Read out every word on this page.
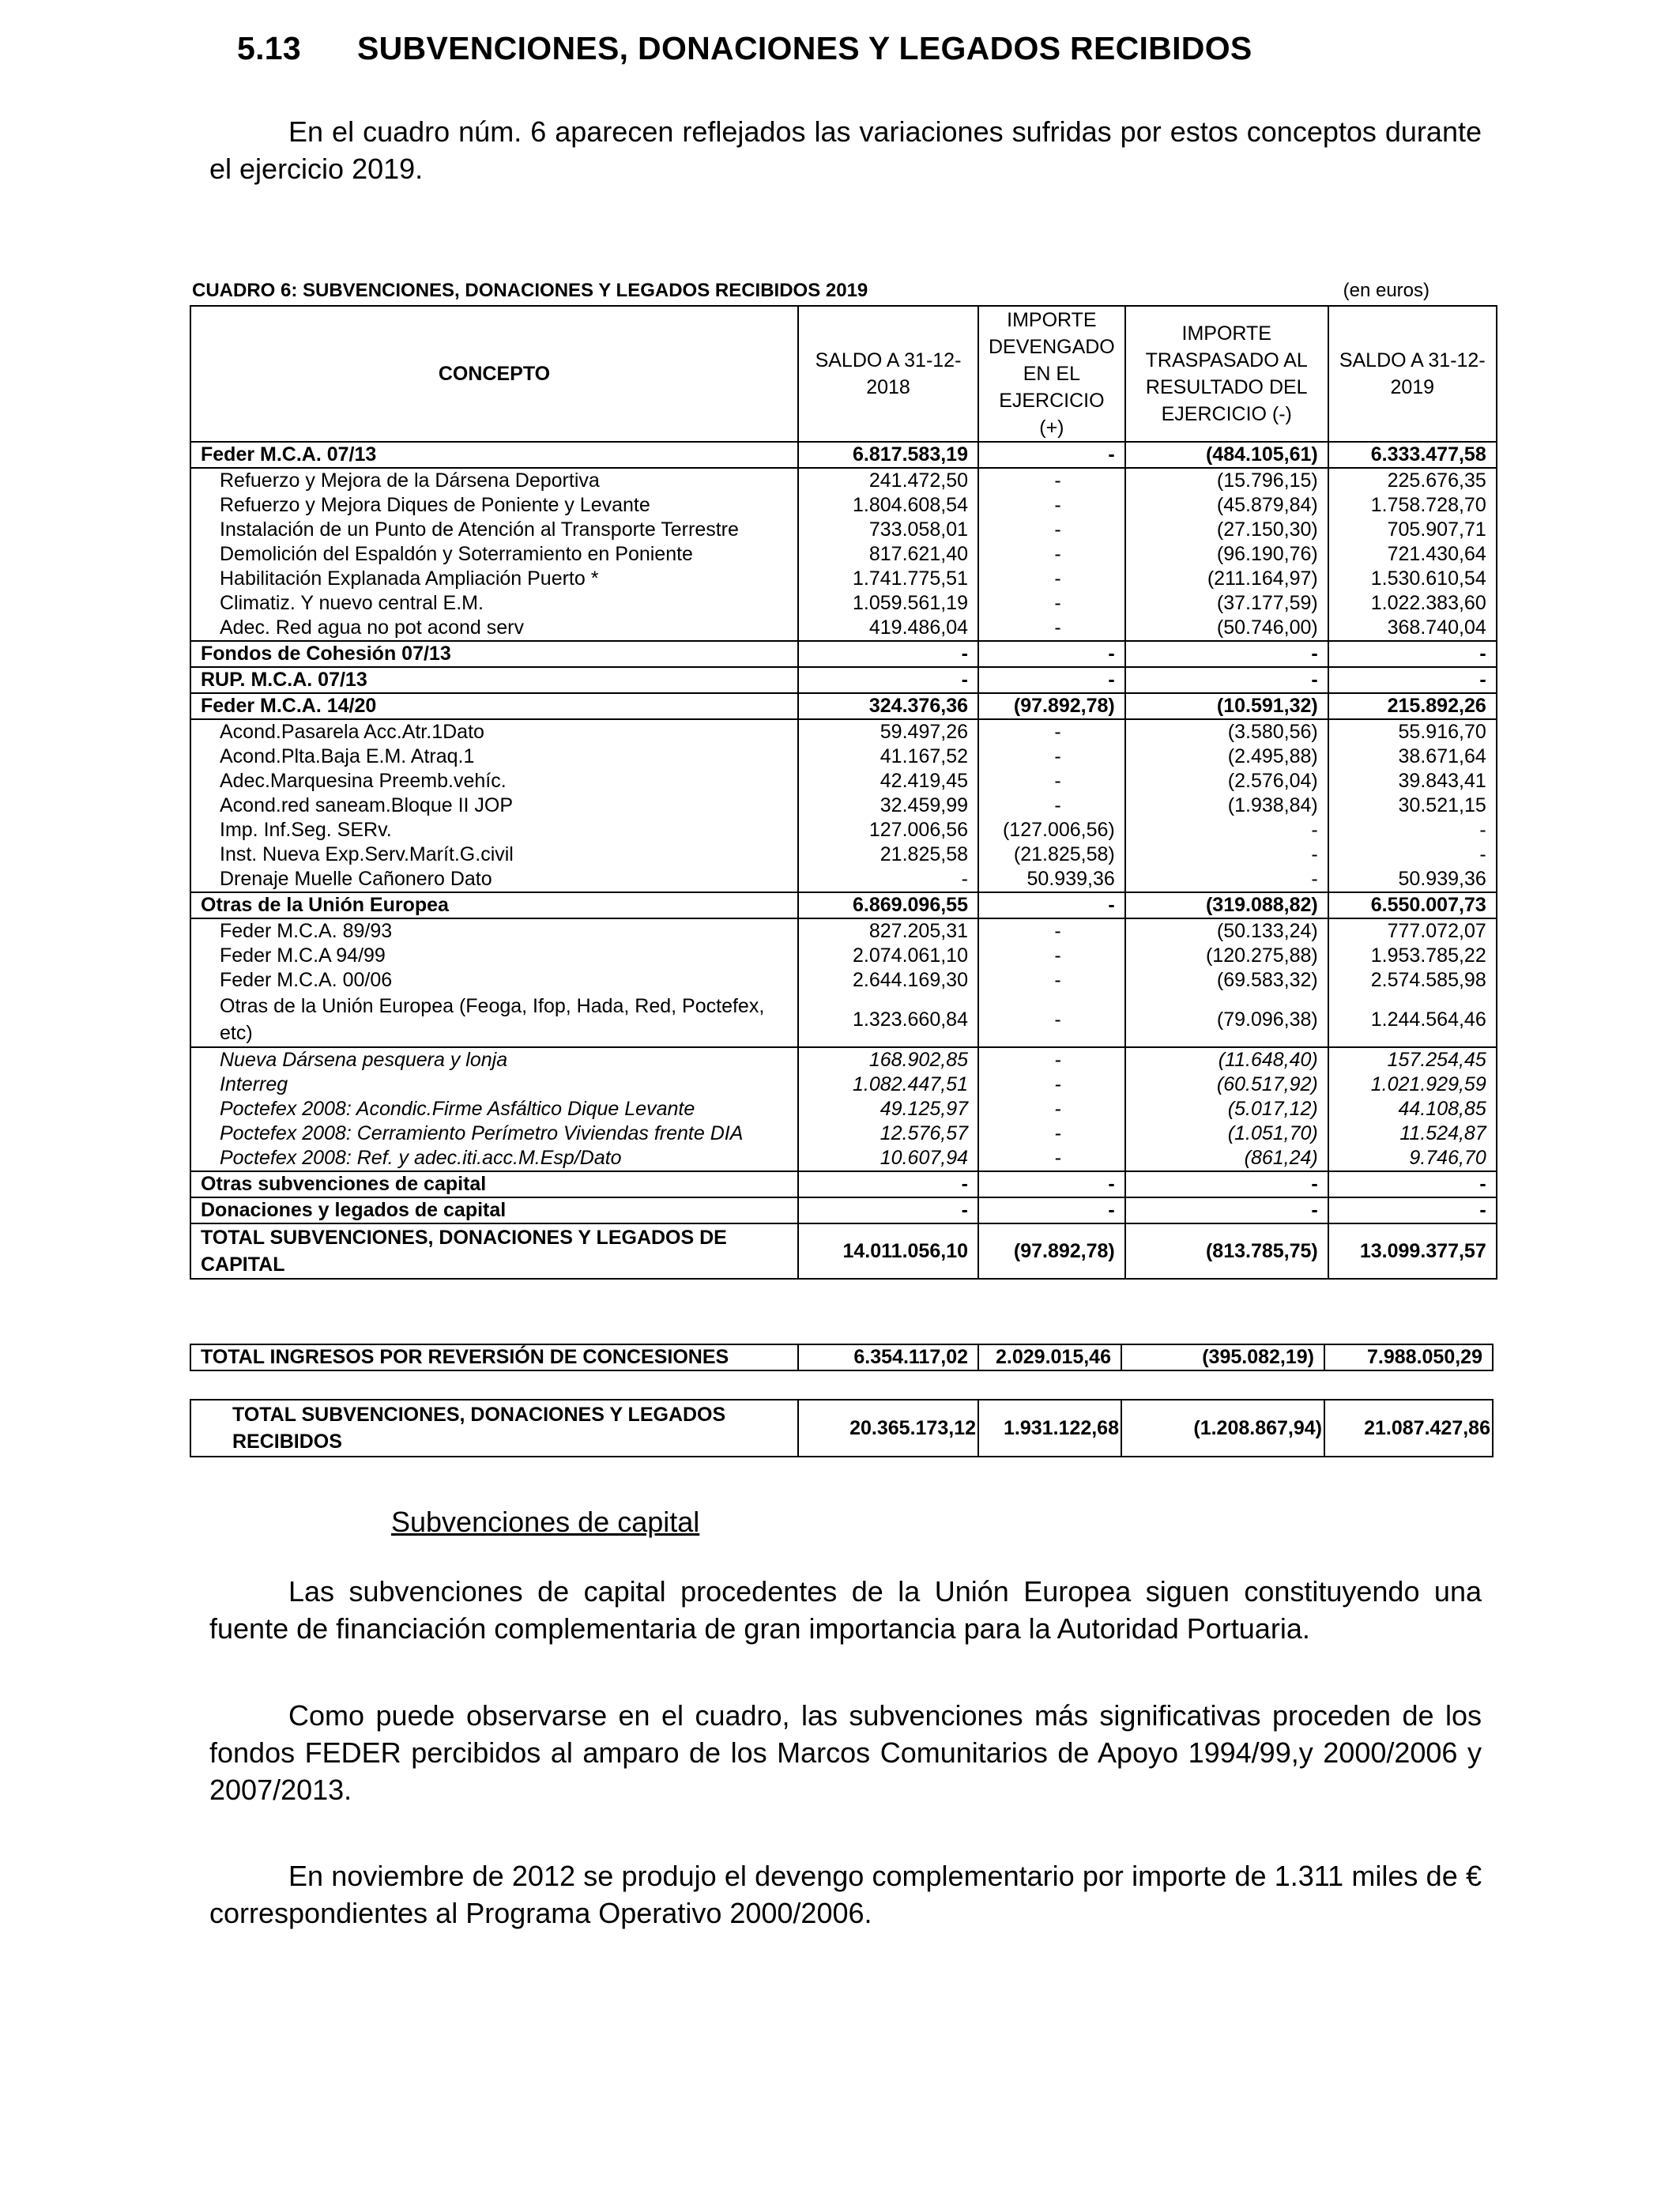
5.13 SUBVENCIONES, DONACIONES Y LEGADOS RECIBIDOS
En el cuadro núm. 6 aparecen reflejados las variaciones sufridas por estos conceptos durante el ejercicio 2019.
CUADRO 6: SUBVENCIONES, DONACIONES Y LEGADOS RECIBIDOS 2019	(en euros)
CONCEPTO	SALDO A 31-12-2018	IMPORTE DEVENGADO EN EL EJERCICIO (+)	IMPORTE TRASPASADO AL RESULTADO DEL EJERCICIO (-)	SALDO A 31-12-2019
Feder M.C.A. 07/13	6.817.583,19	-	(484.105,61)	6.333.477,58
Refuerzo y Mejora de la Dársena Deportiva	241.472,50	-	(15.796,15)	225.676,35
Refuerzo y Mejora Diques de Poniente y Levante	1.804.608,54	-	(45.879,84)	1.758.728,70
Instalación de un Punto de Atención al Transporte Terrestre	733.058,01	-	(27.150,30)	705.907,71
Demolición del Espaldón y Soterramiento en Poniente	817.621,40	-	(96.190,76)	721.430,64
Habilitación Explanada Ampliación Puerto *	1.741.775,51	-	(211.164,97)	1.530.610,54
Climatiz. Y nuevo central E.M.	1.059.561,19	-	(37.177,59)	1.022.383,60
Adec. Red agua no pot acond serv	419.486,04	-	(50.746,00)	368.740,04
Fondos de Cohesión 07/13	-	-	-	-
RUP. M.C.A. 07/13	-	-	-	-
Feder M.C.A. 14/20	324.376,36	(97.892,78)	(10.591,32)	215.892,26
Acond.Pasarela Acc.Atr.1Dato	59.497,26	-	(3.580,56)	55.916,70
Acond.Plta.Baja E.M. Atraq.1	41.167,52	-	(2.495,88)	38.671,64
Adec.Marquesina Preemb.vehíc.	42.419,45	-	(2.576,04)	39.843,41
Acond.red saneam.Bloque II JOP	32.459,99	-	(1.938,84)	30.521,15
Imp. Inf.Seg. SERv.	127.006,56	(127.006,56)	-	-
Inst. Nueva Exp.Serv.Marít.G.civil	21.825,58	(21.825,58)	-	-
Drenaje Muelle Cañonero Dato	-	50.939,36	-	50.939,36
Otras de la Unión Europea	6.869.096,55	-	(319.088,82)	6.550.007,73
Feder M.C.A. 89/93	827.205,31	-	(50.133,24)	777.072,07
Feder M.C.A 94/99	2.074.061,10	-	(120.275,88)	1.953.785,22
Feder M.C.A. 00/06	2.644.169,30	-	(69.583,32)	2.574.585,98
Otras de la Unión Europea (Feoga, Ifop, Hada, Red, Poctefex, etc)	1.323.660,84	-	(79.096,38)	1.244.564,46
Nueva Dársena pesquera y lonja	168.902,85	-	(11.648,40)	157.254,45
Interreg	1.082.447,51	-	(60.517,92)	1.021.929,59
Poctefex 2008: Acondic.Firme Asfáltico Dique Levante	49.125,97	-	(5.017,12)	44.108,85
Poctefex 2008: Cerramiento Perímetro Viviendas frente DIA	12.576,57	-	(1.051,70)	11.524,87
Poctefex 2008: Ref. y adec.iti.acc.M.Esp/Dato	10.607,94	-	(861,24)	9.746,70
Otras subvenciones de capital	-	-	-	-
Donaciones y legados de capital	-	-	-	-
TOTAL SUBVENCIONES, DONACIONES Y LEGADOS DE CAPITAL	14.011.056,10	(97.892,78)	(813.785,75)	13.099.377,57
TOTAL INGRESOS POR REVERSIÓN DE CONCESIONES	6.354.117,02	2.029.015,46	(395.082,19)	7.988.050,29
TOTAL SUBVENCIONES, DONACIONES Y LEGADOS RECIBIDOS	20.365.173,12	1.931.122,68	(1.208.867,94)	21.087.427,86
Subvenciones de capital
Las subvenciones de capital procedentes de la Unión Europea siguen constituyendo una fuente de financiación complementaria de gran importancia para la Autoridad Portuaria.
Como puede observarse en el cuadro, las subvenciones más significativas proceden de los fondos FEDER percibidos al amparo de los Marcos Comunitarios de Apoyo 1994/99,y 2000/2006 y 2007/2013.
En noviembre de 2012 se produjo el devengo complementario por importe de 1.311 miles de € correspondientes al Programa Operativo 2000/2006.
